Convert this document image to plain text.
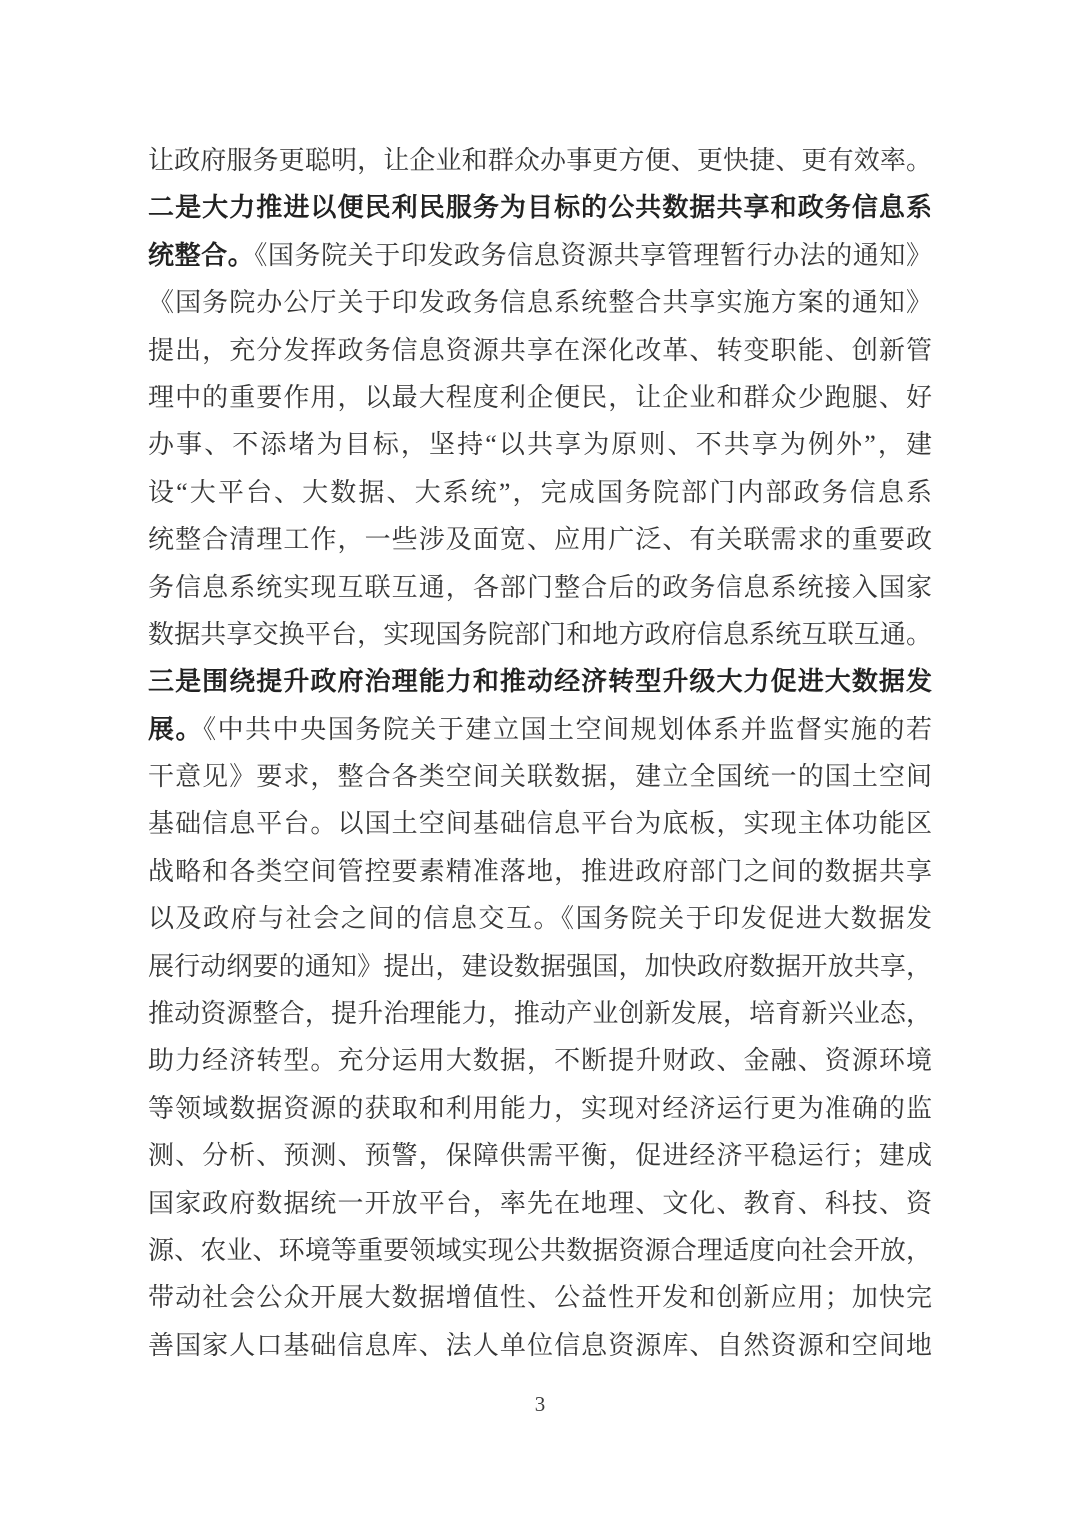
让政府服务更聪明，让企业和群众办事更方便、更快捷、更有效率。
二是大力推进以便民利民服务为目标的公共数据共享和政务信息系
统整合。《国务院关于印发政务信息资源共享管理暂行办法的通知》
《国务院办公厅关于印发政务信息系统整合共享实施方案的通知》
提出，充分发挥政务信息资源共享在深化改革、转变职能、创新管
理中的重要作用，以最大程度利企便民，让企业和群众少跑腿、好
办事、不添堵为目标，坚持“以共享为原则、不共享为例外”，建
设“大平台、大数据、大系统”，完成国务院部门内部政务信息系
统整合清理工作，一些涉及面宽、应用广泛、有关联需求的重要政
务信息系统实现互联互通，各部门整合后的政务信息系统接入国家
数据共享交换平台，实现国务院部门和地方政府信息系统互联互通。
三是围绕提升政府治理能力和推动经济转型升级大力促进大数据发
展。《中共中央国务院关于建立国土空间规划体系并监督实施的若
干意见》要求，整合各类空间关联数据，建立全国统一的国土空间
基础信息平台。以国土空间基础信息平台为底板，实现主体功能区
战略和各类空间管控要素精准落地，推进政府部门之间的数据共享
以及政府与社会之间的信息交互。《国务院关于印发促进大数据发
展行动纲要的通知》提出，建设数据强国，加快政府数据开放共享，
推动资源整合，提升治理能力，推动产业创新发展，培育新兴业态，
助力经济转型。充分运用大数据，不断提升财政、金融、资源环境
等领域数据资源的获取和利用能力，实现对经济运行更为准确的监
测、分析、预测、预警，保障供需平衡，促进经济平稳运行；建成
国家政府数据统一开放平台，率先在地理、文化、教育、科技、资
源、农业、环境等重要领域实现公共数据资源合理适度向社会开放，
带动社会公众开展大数据增值性、公益性开发和创新应用；加快完
善国家人口基础信息库、法人单位信息资源库、自然资源和空间地
3
